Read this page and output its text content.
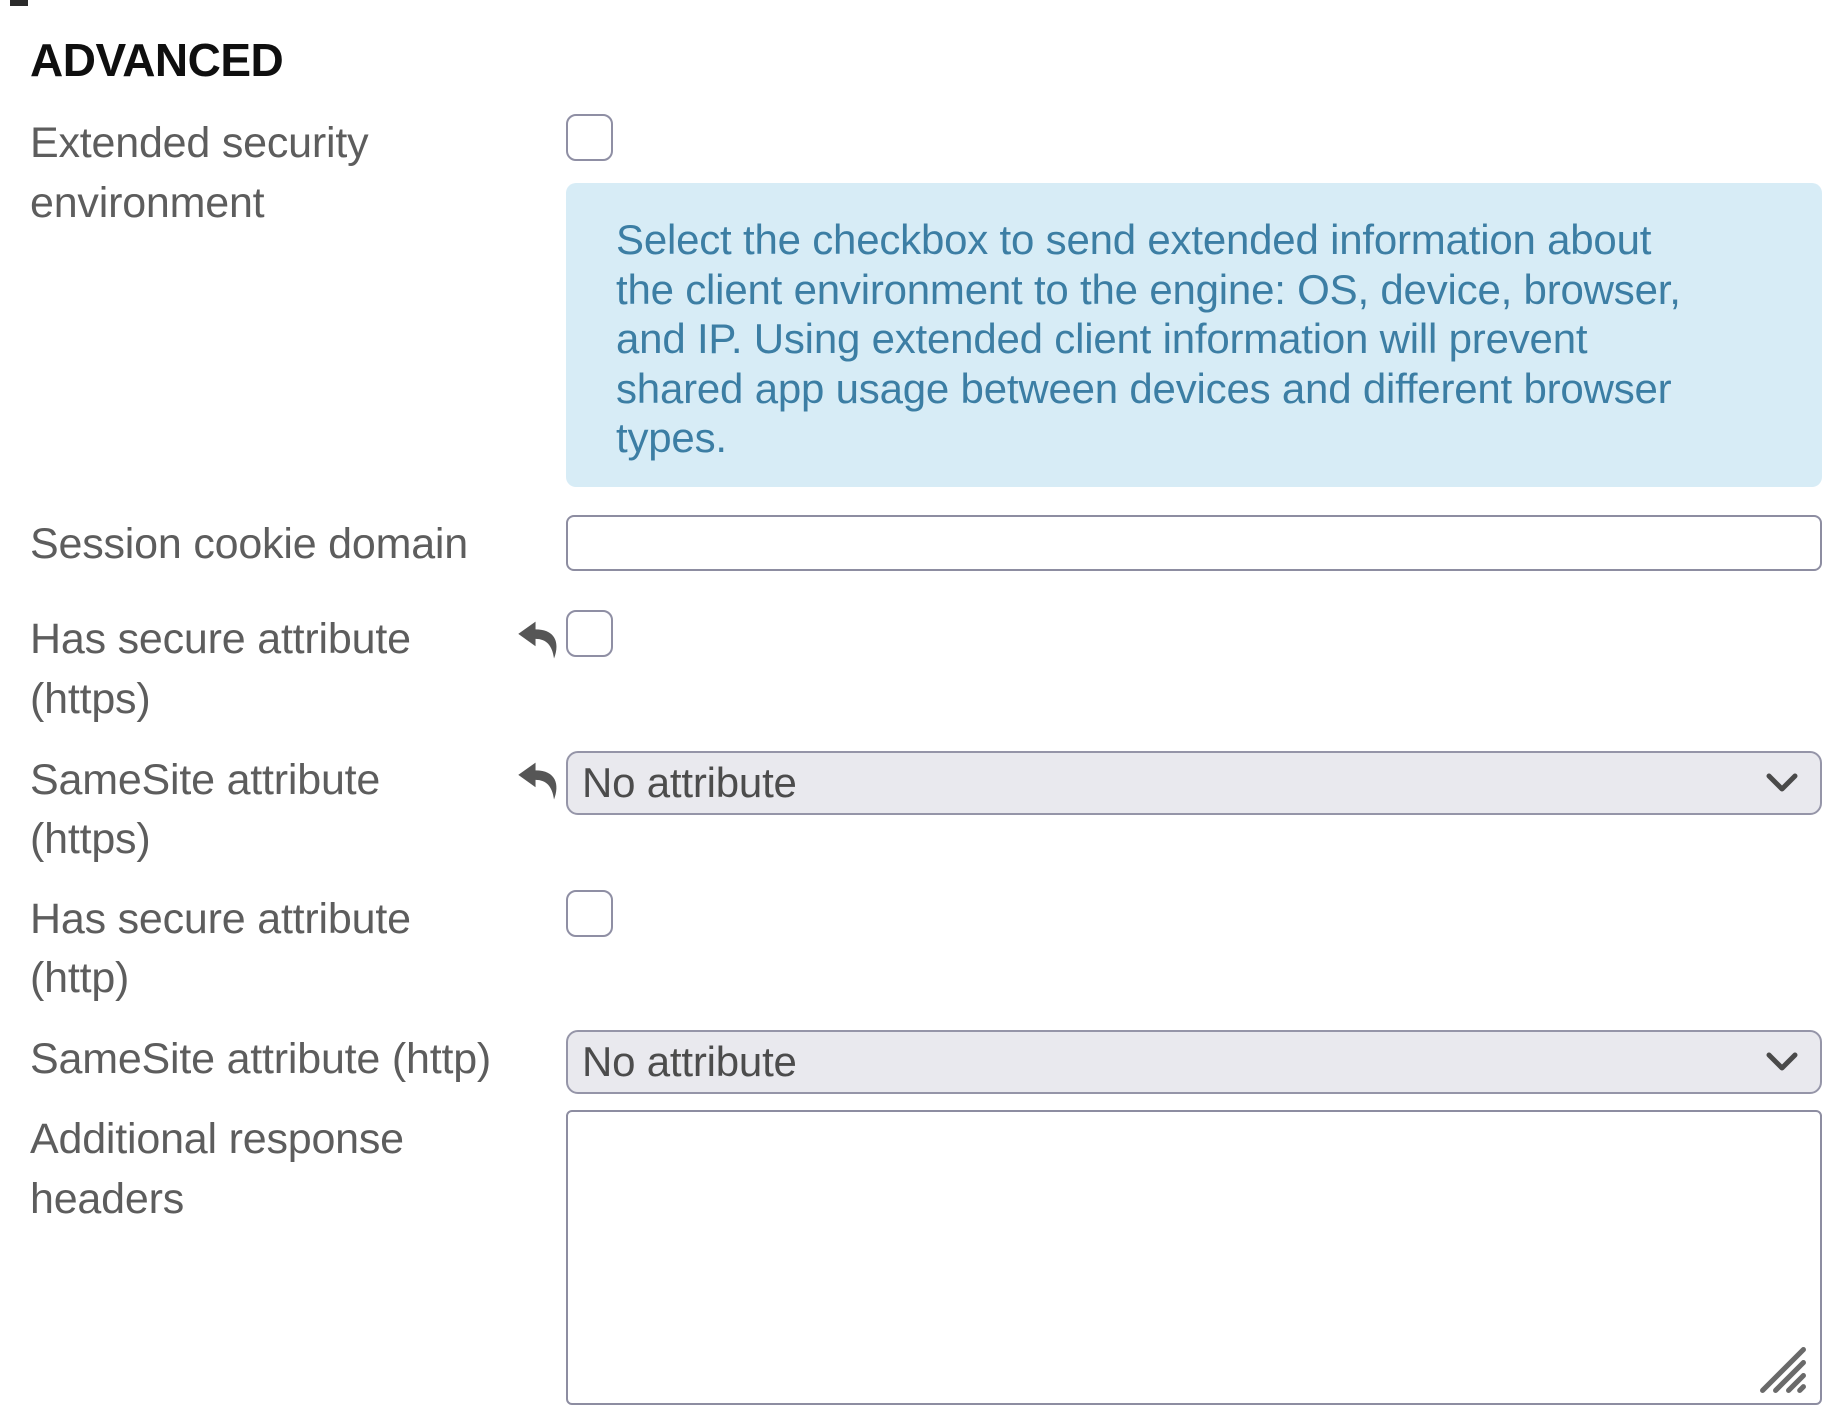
ADVANCED
Extended security environment
Select the checkbox to send extended information about
the client environment to the engine: OS, device, browser,
and IP. Using extended client information will prevent
shared app usage between devices and different browser
types.
Session cookie domain
Has secure attribute (https)
SameSite attribute (https)
No attribute
Has secure attribute (http)
SameSite attribute (http)	No attribute
Additional response headers
